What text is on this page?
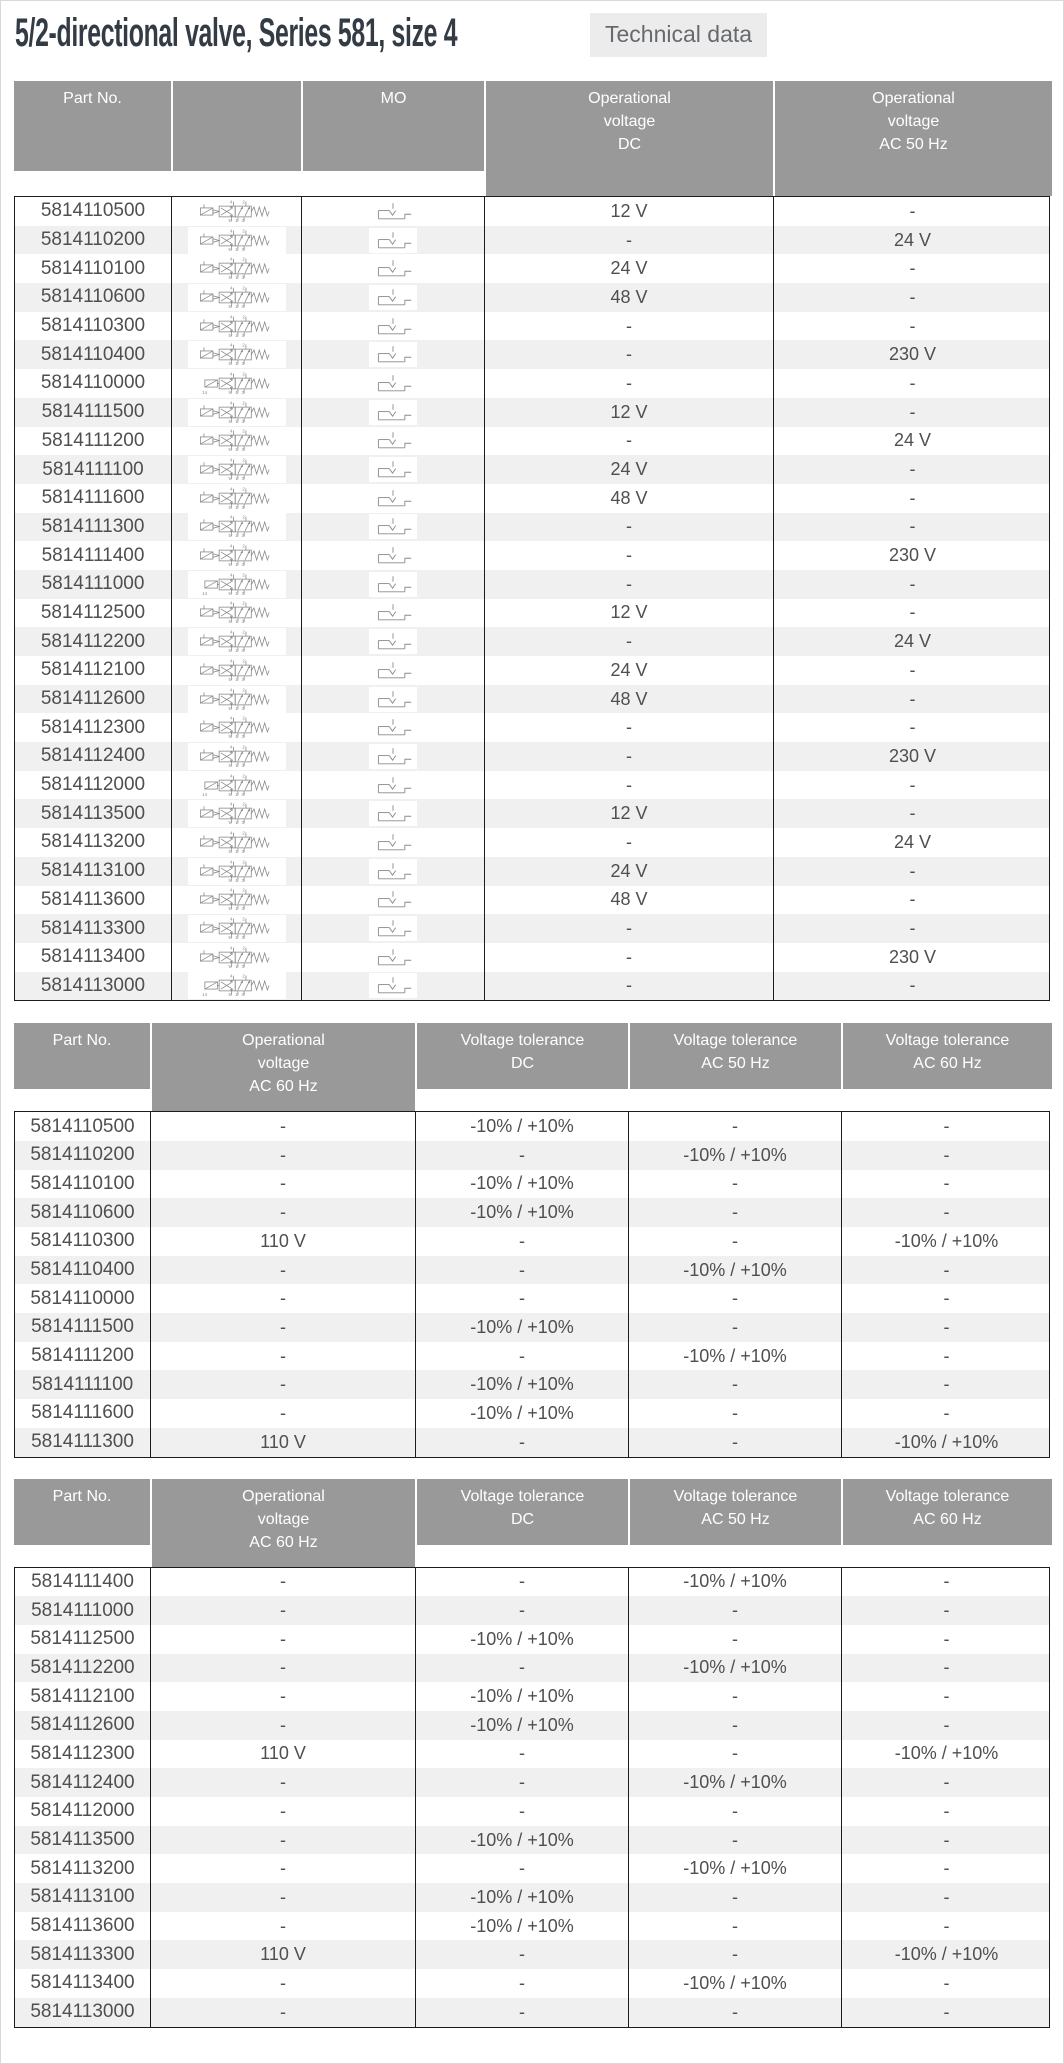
5/2-directional valve, Series 581, size 4	Technical data
Part No.	MO	Operational
voltage
DC
Operational
voltage
AC 50 Hz
5814110500	12 V	-
5814110200	-	24 V
5814110100	24 V	-
5814110600	48 V	-
5814110300	-	-
5814110400	-	230 V
5814110000	-	-
5814111500	12 V	-
5814111200	-	24 V
5814111100	24 V	-
5814111600	48 V	-
5814111300	-	-
5814111400	-	230 V
5814111000	-	-
5814112500	12 V	-
5814112200	-	24 V
5814112100	24 V	-
5814112600	48 V	-
5814112300	-	-
5814112400	-	230 V
5814112000	-	-
5814113500	12 V	-
5814113200	-	24 V
5814113100	24 V	-
5814113600	48 V	-
5814113300	-	-
5814113400	-	230 V
5814113000	-	-
Part No.	Operational
voltage
AC 60 Hz
Voltage tolerance
DC
Voltage tolerance
AC 50 Hz
Voltage tolerance
AC 60 Hz
5814110500	-	-10% / +10%	-	-
5814110200	-	-	-10% / +10%	-
5814110100	-	-10% / +10%	-	-
5814110600	-	-10% / +10%	-	-
5814110300	110 V	-	-	-10% / +10%
5814110400	-	-	-10% / +10%	-
5814110000	-	-	-	-
5814111500	-	-10% / +10%	-	-
5814111200	-	-	-10% / +10%	-
5814111100	-	-10% / +10%	-	-
5814111600	-	-10% / +10%	-	-
5814111300	110 V	-	-	-10% / +10%
Part No.	Operational
voltage
AC 60 Hz
Voltage tolerance
DC
Voltage tolerance
AC 50 Hz
Voltage tolerance
AC 60 Hz
5814111400	-	-	-10% / +10%	-
5814111000	-	-	-	-
5814112500	-	-10% / +10%	-	-
5814112200	-	-	-10% / +10%	-
5814112100	-	-10% / +10%	-	-
5814112600	-	-10% / +10%	-	-
5814112300	110 V	-	-	-10% / +10%
5814112400	-	-	-10% / +10%	-
5814112000	-	-	-	-
5814113500	-	-10% / +10%	-	-
5814113200	-	-	-10% / +10%	-
5814113100	-	-10% / +10%	-	-
5814113600	-	-10% / +10%	-	-
5814113300	110 V	-	-	-10% / +10%
5814113400	-	-	-10% / +10%	-
5814113000	-	-	-	-
